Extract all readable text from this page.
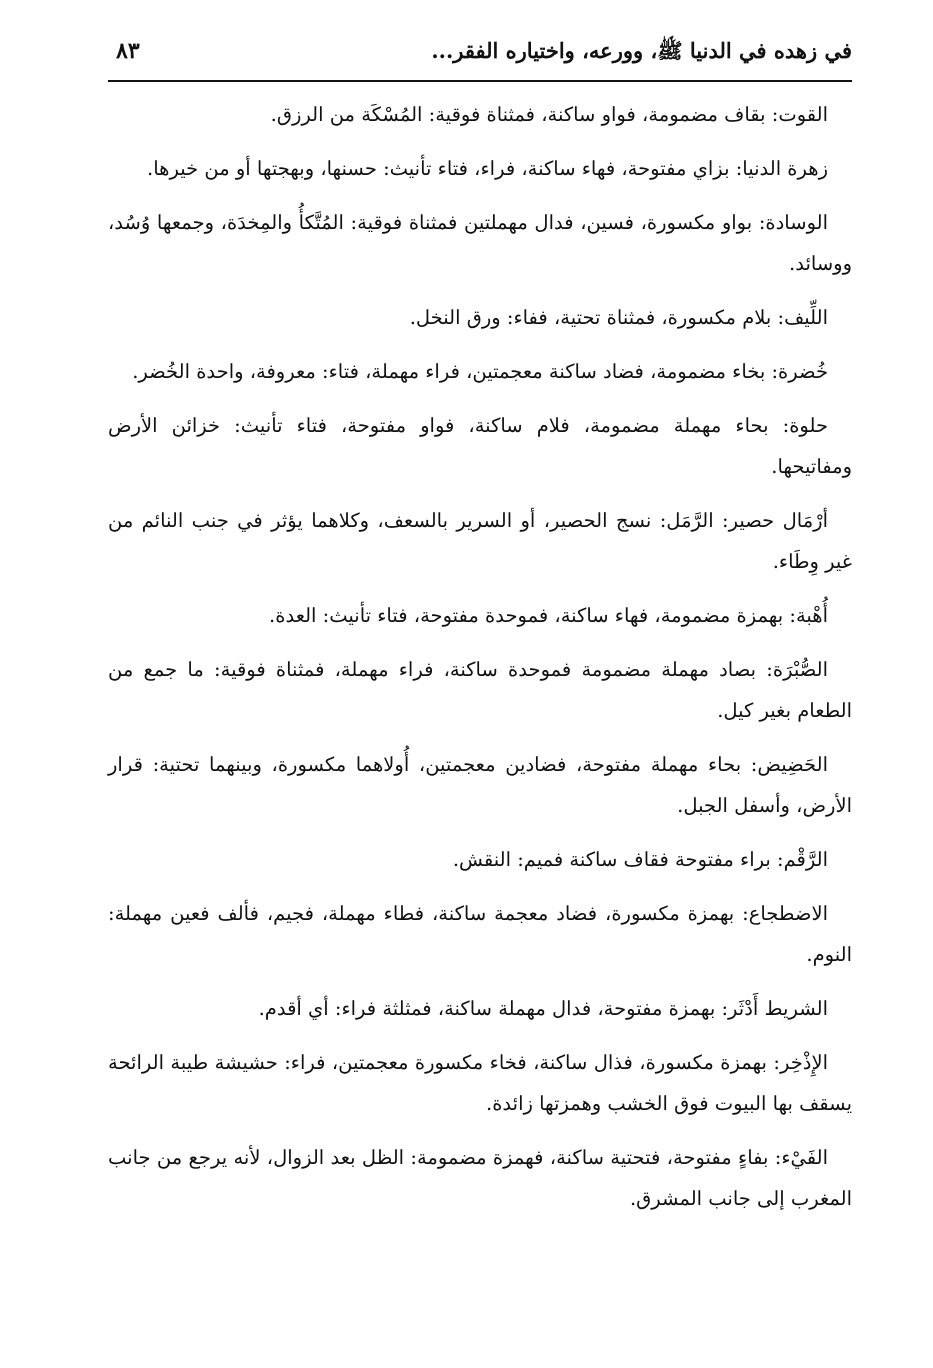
في زهده في الدنيا ﷺ، وورعه، واختياره الفقر...
٨٣

القوت: بقاف مضمومة، فواو ساكنة، فمثناة فوقية: المُسْكَة من الرزق.

زهرة الدنيا: بزاي مفتوحة، فهاء ساكنة، فراء، فتاء تأنيث: حسنها، وبهجتها أو من خيرها.

الوسادة: بواو مكسورة، فسين، فدال مهملتين فمثناة فوقية: المُتَّكأُ والمِخدَة، وجمعها وُسُد، ووسائد.

اللِّيف: بلام مكسورة، فمثناة تحتية، ففاء: ورق النخل.

خُضرة: بخاء مضمومة، فضاد ساكنة معجمتين، فراء مهملة، فتاء: معروفة، واحدة الخُضر.

حلوة: بحاء مهملة مضمومة، فلام ساكنة، فواو مفتوحة، فتاء تأنيث: خزائن الأرض ومفاتيحها.

أرْمَال حصير: الرَّمَل: نسج الحصير، أو السرير بالسعف، وكلاهما يؤثر في جنب النائم من غير وِطَاء.

أُهْبة: بهمزة مضمومة، فهاء ساكنة، فموحدة مفتوحة، فتاء تأنيث: العدة.

الصُّبْرَة: بصاد مهملة مضمومة فموحدة ساكنة، فراء مهملة، فمثناة فوقية: ما جمع من الطعام بغير كيل.

الحَضِيض: بحاء مهملة مفتوحة، فضادين معجمتين، أُولاهما مكسورة، وبينهما تحتية: قرار الأرض، وأسفل الجبل.

الرَّقْم: براء مفتوحة فقاف ساكنة فميم: النقش.

الاضطجاع: بهمزة مكسورة، فضاد معجمة ساكنة، فطاء مهملة، فجيم، فألف فعين مهملة: النوم.

الشريط أَدْثَر: بهمزة مفتوحة، فدال مهملة ساكنة، فمثلثة فراء: أي أقدم.

الإِذْخِر: بهمزة مكسورة، فذال ساكنة، فخاء مكسورة معجمتين، فراء: حشيشة طيبة الرائحة يسقف بها البيوت فوق الخشب وهمزتها زائدة.

الفَيْء: بفاءٍ مفتوحة، فتحتية ساكنة، فهمزة مضمومة: الظل بعد الزوال، لأنه يرجع من جانب المغرب إلى جانب المشرق.
